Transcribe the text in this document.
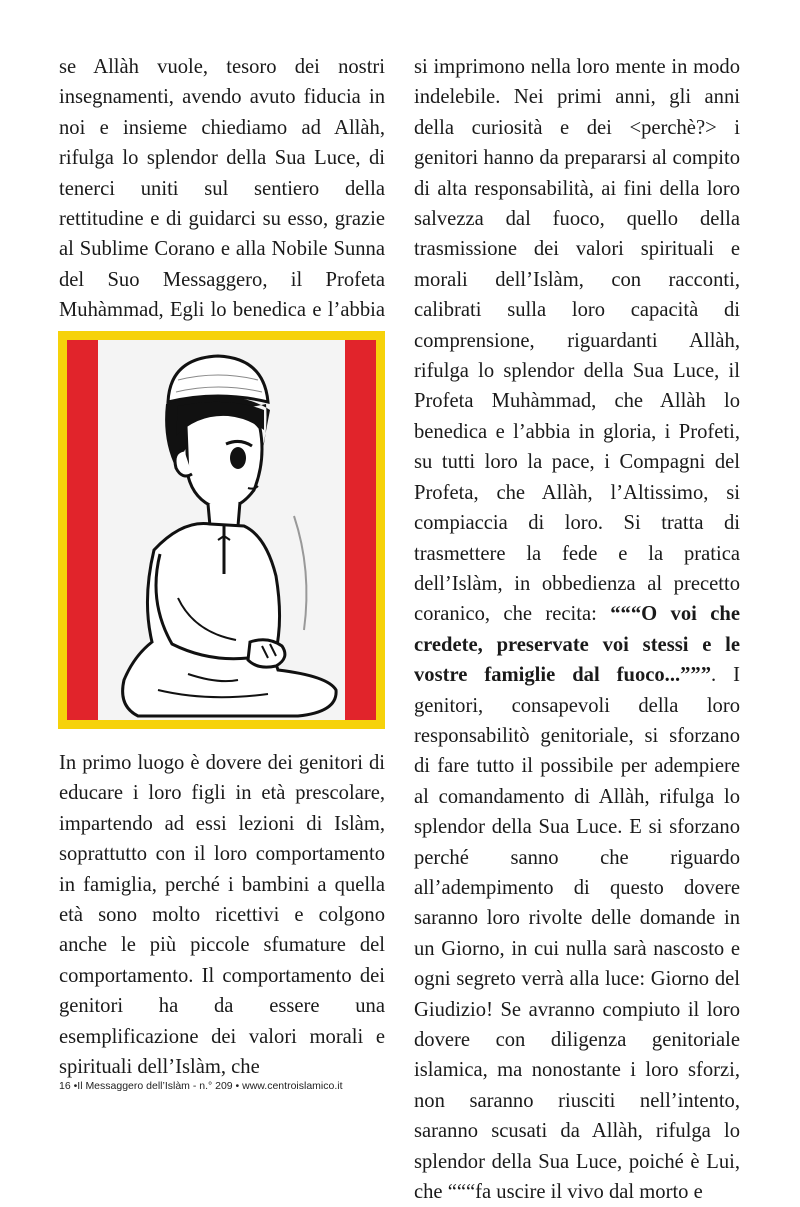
se Allàh vuole, tesoro dei nostri insegnamenti, avendo avuto fiducia in noi e insieme chiediamo ad Allàh, rifulga lo splendor della Sua Luce, di tenerci uniti sul sentiero della rettitudine e di guidarci su esso, grazie al Sublime Corano e alla Nobile Sunna del Suo Messaggero, il Profeta Muhàmmad, Egli lo benedica e l’abbia

In primo luogo è dovere dei genitori di educare i loro figli in età prescolare, impartendo ad essi lezioni di Islàm, soprattutto con il loro comportamento in famiglia, perché i bambini a quella età sono molto ricettivi e colgono anche le più piccole sfumature del comportamento. Il comportamento dei genitori ha da essere una esemplificazione dei valori morali e spirituali dell’Islàm, che

si imprimono nella loro mente in modo indelebile. Nei primi anni, gli anni della curiosità e dei <perchè?> i genitori hanno da prepararsi al compito di alta responsabilità, ai fini della loro salvezza dal fuoco, quello della trasmissione dei valori spirituali e morali dell’Islàm, con racconti, calibrati sulla loro capacità di comprensione, riguardanti Allàh, rifulga lo splendor della Sua Luce, il Profeta Muhàmmad, che Allàh lo benedica e l’abbia in gloria, i Profeti, su tutti loro la pace, i Compagni del Profeta, che Allàh, l’Altissimo, si compiaccia di loro. Si tratta di trasmettere la fede e la pratica dell’Islàm, in obbedienza al precetto coranico, che recita: “““O voi che credete, preservate voi stessi e le vostre famiglie dal fuoco...”””. I genitori, consapevoli della loro responsabilitò genitoriale, si sforzano di fare tutto il possibile per adempiere al comandamento di Allàh, rifulga lo splendor della Sua Luce. E si sforzano perché sanno che riguardo all’adempimento di questo dovere saranno loro rivolte delle domande in un Giorno, in cui nulla sarà nascosto e ogni segreto verrà alla luce: Giorno del Giudizio! Se avranno compiuto il loro dovere con diligenza genitoriale islamica, ma nonostante i loro sforzi, non saranno riusciti nell’intento, saranno scusati da Allàh, rifulga lo splendor della Sua Luce, poiché è Lui, che “““fa uscire il vivo dal morto e

16 •Il Messaggero dell’Islàm - n.° 209 • www.centroislamico.it
